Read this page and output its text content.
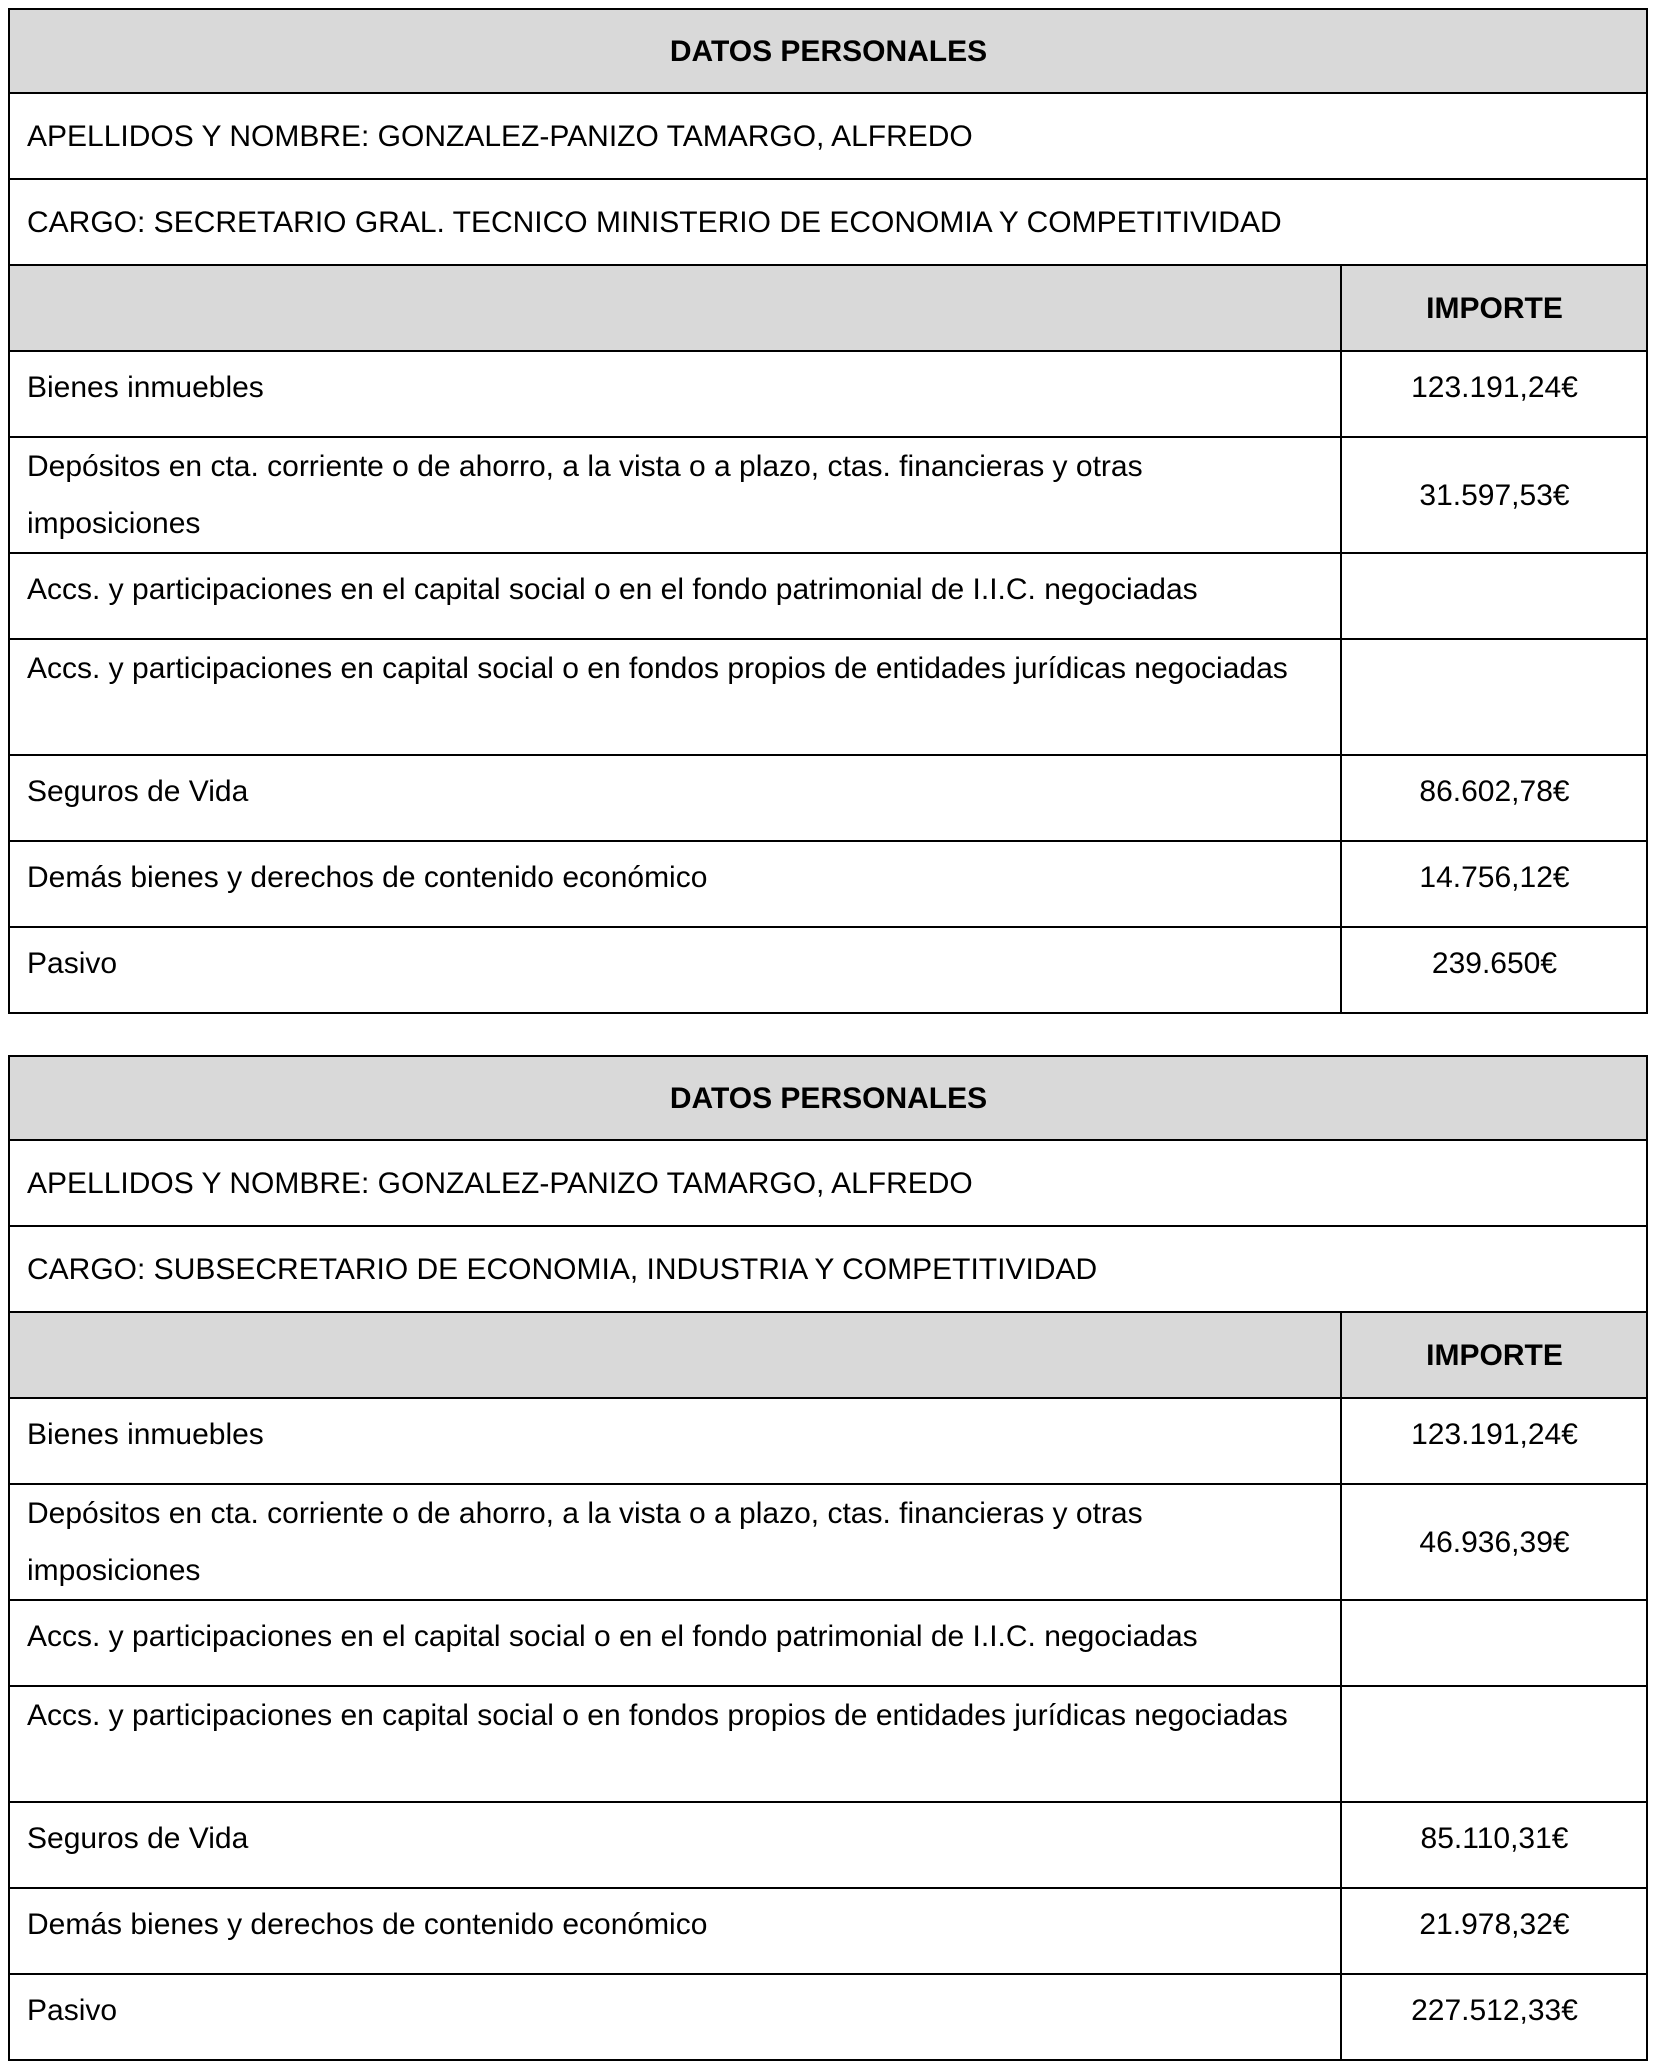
DATOS PERSONALES	
APELLIDOS Y NOMBRE: GONZALEZ-PANIZO TAMARGO, ALFREDO	
CARGO: SECRETARIO GRAL. TECNICO MINISTERIO DE ECONOMIA Y COMPETITIVIDAD	
	IMPORTE
Bienes inmuebles	123.191,24€
Depósitos en cta. corriente o de ahorro, a la vista o a plazo, ctas. financieras y otras imposiciones	31.597,53€
Accs. y participaciones en el capital social o en el fondo patrimonial de I.I.C. negociadas	
Accs. y participaciones en capital social o en fondos propios de entidades jurídicas negociadas	
Seguros de Vida	86.602,78€
Demás bienes y derechos de contenido económico	14.756,12€
Pasivo	239.650€
DATOS PERSONALES	
APELLIDOS Y NOMBRE: GONZALEZ-PANIZO TAMARGO, ALFREDO	
CARGO: SUBSECRETARIO DE ECONOMIA, INDUSTRIA Y COMPETITIVIDAD	
	IMPORTE
Bienes inmuebles	123.191,24€
Depósitos en cta. corriente o de ahorro, a la vista o a plazo, ctas. financieras y otras imposiciones	46.936,39€
Accs. y participaciones en el capital social o en el fondo patrimonial de I.I.C. negociadas	
Accs. y participaciones en capital social o en fondos propios de entidades jurídicas negociadas	
Seguros de Vida	85.110,31€
Demás bienes y derechos de contenido económico	21.978,32€
Pasivo	227.512,33€
